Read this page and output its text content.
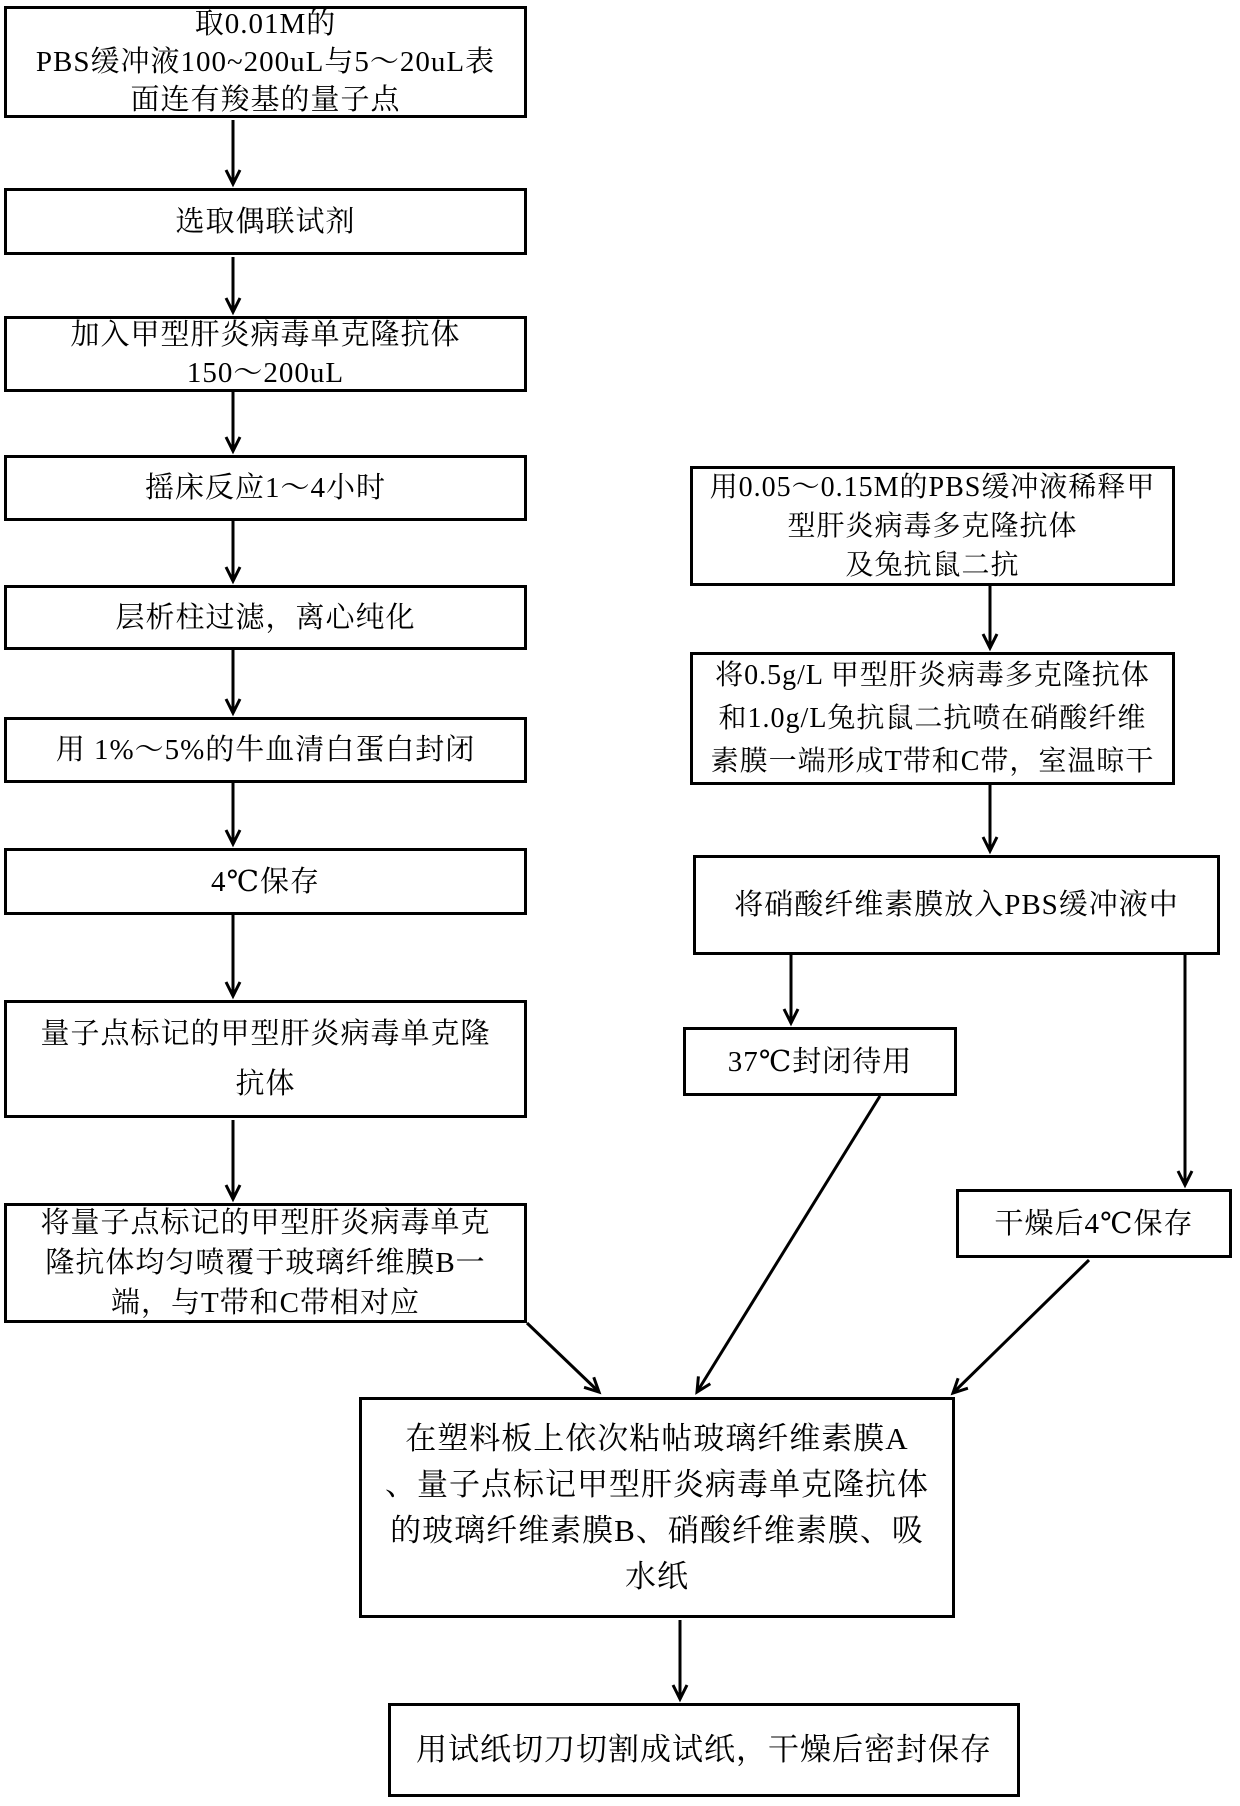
取0.01M的
PBS缓冲液100~200uL与5～20uL表
面连有羧基的量子点
选取偶联试剂
加入甲型肝炎病毒单克隆抗体
150～200uL
摇床反应1～4小时
层析柱过滤，离心纯化
用 1%～5%的牛血清白蛋白封闭
4℃保存
量子点标记的甲型肝炎病毒单克隆
抗体
将量子点标记的甲型肝炎病毒单克
隆抗体均匀喷覆于玻璃纤维膜B一
端，与T带和C带相对应
用0.05～0.15M的PBS缓冲液稀释甲
型肝炎病毒多克隆抗体
及兔抗鼠二抗
将0.5g/L 甲型肝炎病毒多克隆抗体
和1.0g/L兔抗鼠二抗喷在硝酸纤维
素膜一端形成T带和C带，室温晾干
将硝酸纤维素膜放入PBS缓冲液中
37℃封闭待用
干燥后4℃保存
在塑料板上依次粘帖玻璃纤维素膜A
、量子点标记甲型肝炎病毒单克隆抗体
的玻璃纤维素膜B、硝酸纤维素膜、吸
水纸
用试纸切刀切割成试纸，干燥后密封保存
